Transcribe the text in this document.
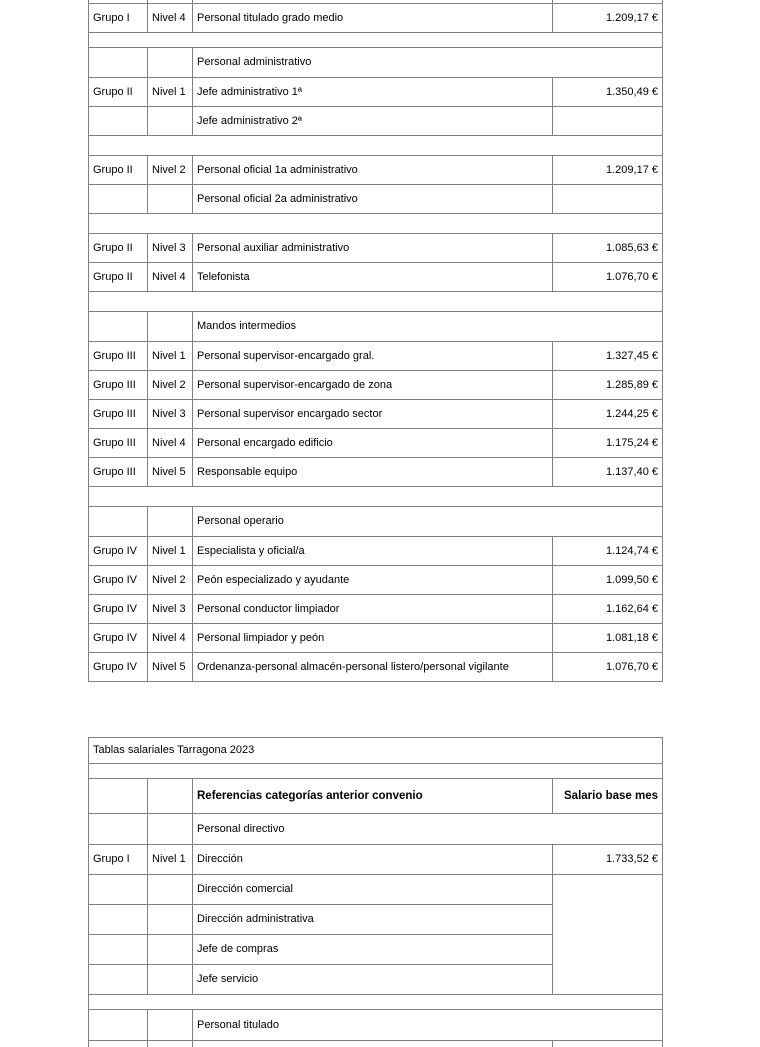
Grupo I	Nivel 4	Personal titulado grado medio	1.209,17 €

		Personal administrativo	
Grupo II	Nivel 1	Jefe administrativo 1ª	1.350,49 €
		Jefe administrativo 2ª	

Grupo II	Nivel 2	Personal oficial 1a administrativo	1.209,17 €
		Personal oficial 2a administrativo	

Grupo II	Nivel 3	Personal auxiliar administrativo	1.085,63 €
Grupo II	Nivel 4	Telefonista	1.076,70 €

		Mandos intermedios	
Grupo III	Nivel 1	Personal supervisor-encargado gral.	1.327,45 €
Grupo III	Nivel 2	Personal supervisor-encargado de zona	1.285,89 €
Grupo III	Nivel 3	Personal supervisor encargado sector	1.244,25 €
Grupo III	Nivel 4	Personal encargado edificio	1.175,24 €
Grupo III	Nivel 5	Responsable equipo	1.137,40 €

		Personal operario	
Grupo IV	Nivel 1	Especialista y oficial/a	1.124,74 €
Grupo IV	Nivel 2	Peón especializado y ayudante	1.099,50 €
Grupo IV	Nivel 3	Personal conductor limpiador	1.162,64 €
Grupo IV	Nivel 4	Personal limpiador y peón	1.081,18 €
Grupo IV	Nivel 5	Ordenanza-personal almacén-personal listero/personal vigilante	1.076,70 €
Tablas salariales Tarragona 2023			

		Referencias categorías anterior convenio	Salario base mes
		Personal directivo	
Grupo I	Nivel 1	Dirección	1.733,52 €
		Dirección comercial	
		Dirección administrativa	
		Jefe de compras	
		Jefe servicio	

		Personal titulado	
